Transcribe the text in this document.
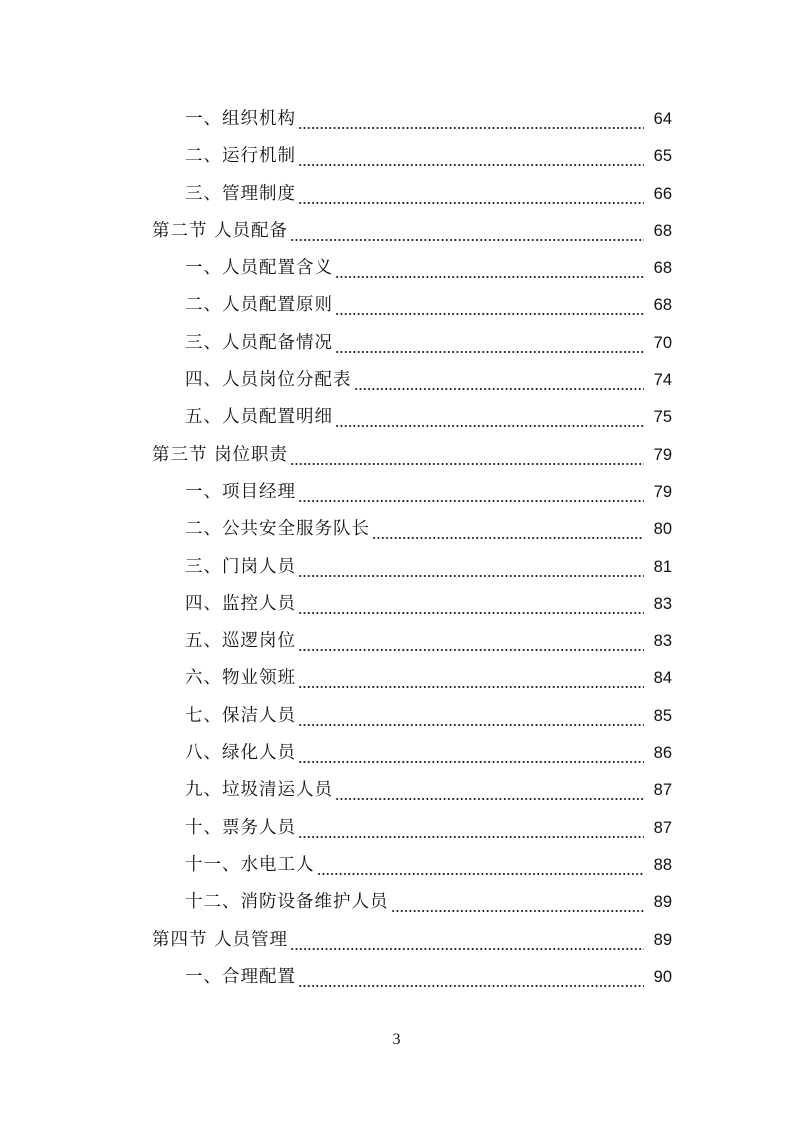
一、组织机构	64
二、运行机制	65
三、管理制度	66
第二节 人员配备	68
一、人员配置含义	68
二、人员配置原则	68
三、人员配备情况	70
四、人员岗位分配表	74
五、人员配置明细	75
第三节 岗位职责	79
一、项目经理	79
二、公共安全服务队长	80
三、门岗人员	81
四、监控人员	83
五、巡逻岗位	83
六、物业领班	84
七、保洁人员	85
八、绿化人员	86
九、垃圾清运人员	87
十、票务人员	87
十一、水电工人	88
十二、消防设备维护人员	89
第四节 人员管理	89
一、合理配置	90
3
